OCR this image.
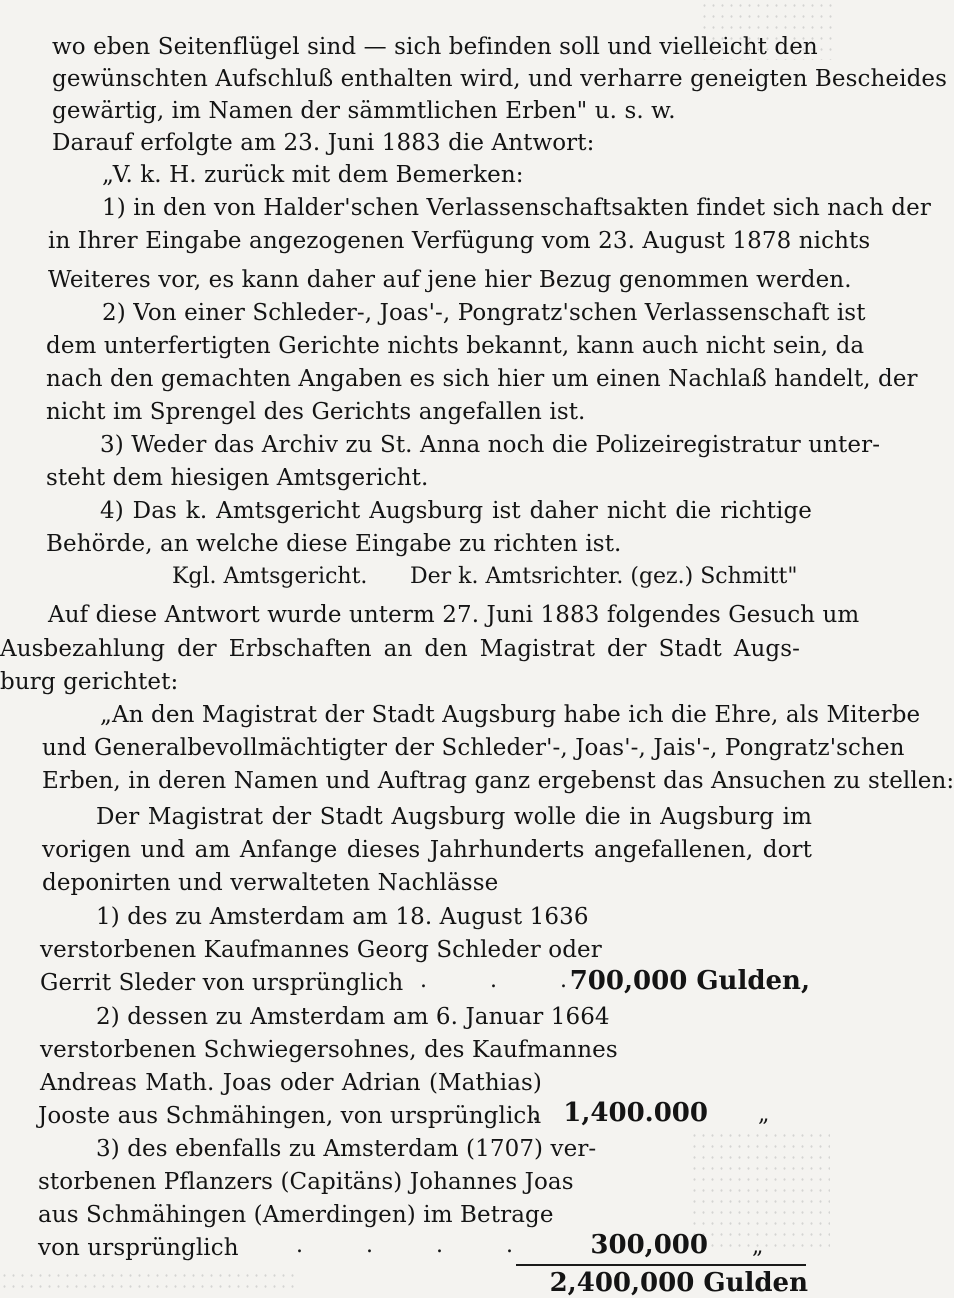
wo eben Seitenflügel sind — sich befinden soll und vielleicht den
gewünschten Aufschluß enthalten wird, und verharre geneigten Bescheides
gewärtig, im Namen der sämmtlichen Erben" u. s. w.
Darauf erfolgte am 23. Juni 1883 die Antwort:
„V. k. H. zurück mit dem Bemerken:
1) in den von Halder'schen Verlassenschaftsakten findet sich nach der
in Ihrer Eingabe angezogenen Verfügung vom 23. August 1878 nichts
Weiteres vor, es kann daher auf jene hier Bezug genommen werden.
2) Von einer Schleder-, Joas'-, Pongratz'schen Verlassenschaft ist
dem unterfertigten Gerichte nichts bekannt, kann auch nicht sein, da
nach den gemachten Angaben es sich hier um einen Nachlaß handelt, der
nicht im Sprengel des Gerichts angefallen ist.
3) Weder das Archiv zu St. Anna noch die Polizeiregistratur unter-
steht dem hiesigen Amtsgericht.
4) Das k. Amtsgericht Augsburg ist daher nicht die richtige
Behörde, an welche diese Eingabe zu richten ist.
Kgl. Amtsgericht. Der k. Amtsrichter. (gez.) Schmitt"
Auf diese Antwort wurde unterm 27. Juni 1883 folgendes Gesuch um
Ausbezahlung der Erbschaften an den Magistrat der Stadt Augs-
burg gerichtet:
„An den Magistrat der Stadt Augsburg habe ich die Ehre, als Miterbe
und Generalbevollmächtigter der Schleder'-, Joas'-, Jais'-, Pongratz'schen
Erben, in deren Namen und Auftrag ganz ergebenst das Ansuchen zu stellen:
Der Magistrat der Stadt Augsburg wolle die in Augsburg im
vorigen und am Anfange dieses Jahrhunderts angefallenen, dort
deponirten und verwalteten Nachlässe
1) des zu Amsterdam am 18. August 1636
verstorbenen Kaufmannes Georg Schleder oder
Gerrit Sleder von ursprünglich . . .
700,000 Gulden,
2) dessen zu Amsterdam am 6. Januar 1664
verstorbenen Schwiegersohnes, des Kaufmannes
Andreas Math. Joas oder Adrian (Mathias)
Jooste aus Schmähingen, von ursprünglich
.
1,400.000 „
3) des ebenfalls zu Amsterdam (1707) ver-
storbenen Pflanzers (Capitäns) Johannes Joas
aus Schmähingen (Amerdingen) im Betrage
von ursprünglich	. . . .	300,000 „
2,400,000 Gulden
